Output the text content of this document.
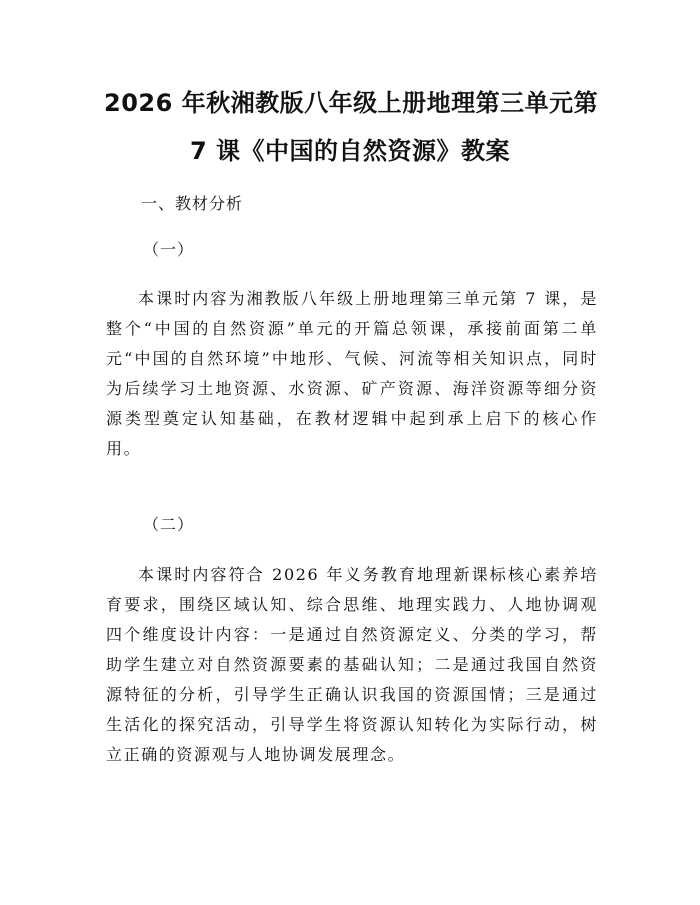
2026 年秋湘教版八年级上册地理第三单元第
7 课《中国的自然资源》教案
一、教材分析
（一）

本课时内容为湘教版八年级上册地理第三单元第 7 课，是整个“中国的自然资源”单元的开篇总领课，承接前面第二单元“中国的自然环境”中地形、气候、河流等相关知识点，同时为后续学习土地资源、水资源、矿产资源、海洋资源等细分资源类型奠定认知基础，在教材逻辑中起到承上启下的核心作用。

（二）

本课时内容符合 2026 年义务教育地理新课标核心素养培育要求，围绕区域认知、综合思维、地理实践力、人地协调观四个维度设计内容：一是通过自然资源定义、分类的学习，帮助学生建立对自然资源要素的基础认知；二是通过我国自然资源特征的分析，引导学生正确认识我国的资源国情；三是通过生活化的探究活动，引导学生将资源认知转化为实际行动，树立正确的资源观与人地协调发展理念。
